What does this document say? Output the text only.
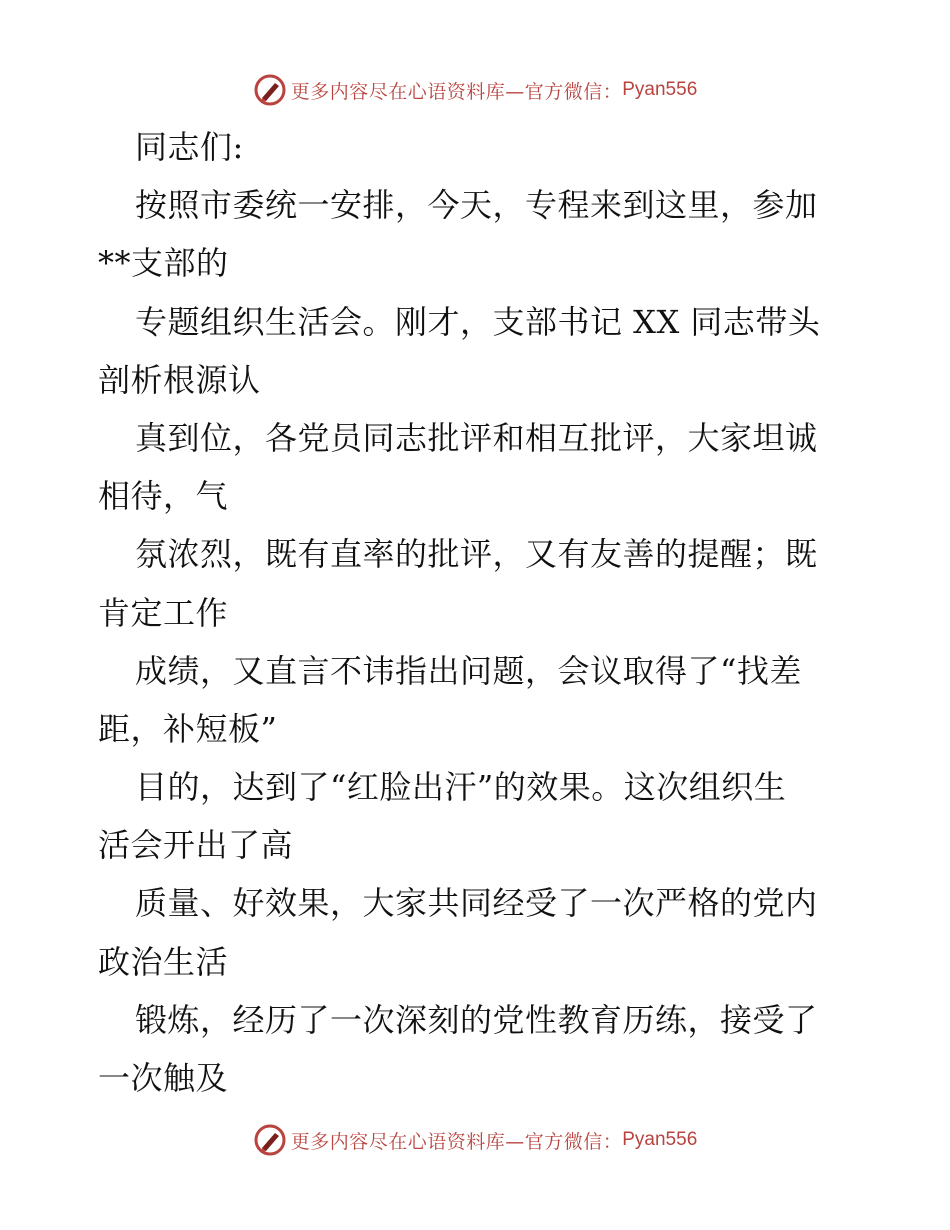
更多内容尽在心语资料库—官方微信： Pyan556
同志们:
按照市委统一安排，今天，专程来到这里，参加
**支部的
专题组织生活会。刚才，支部书记 XX 同志带头
剖析根源认
真到位，各党员同志批评和相互批评，大家坦诚
相待，气
氛浓烈，既有直率的批评，又有友善的提醒；既
肯定工作
成绩，又直言不讳指出问题，会议取得了“找差
距，补短板”
目的，达到了“红脸出汗”的效果。这次组织生
活会开出了高
质量、好效果，大家共同经受了一次严格的党内
政治生活
锻炼，经历了一次深刻的党性教育历练，接受了
一次触及
更多内容尽在心语资料库—官方微信： Pyan556
